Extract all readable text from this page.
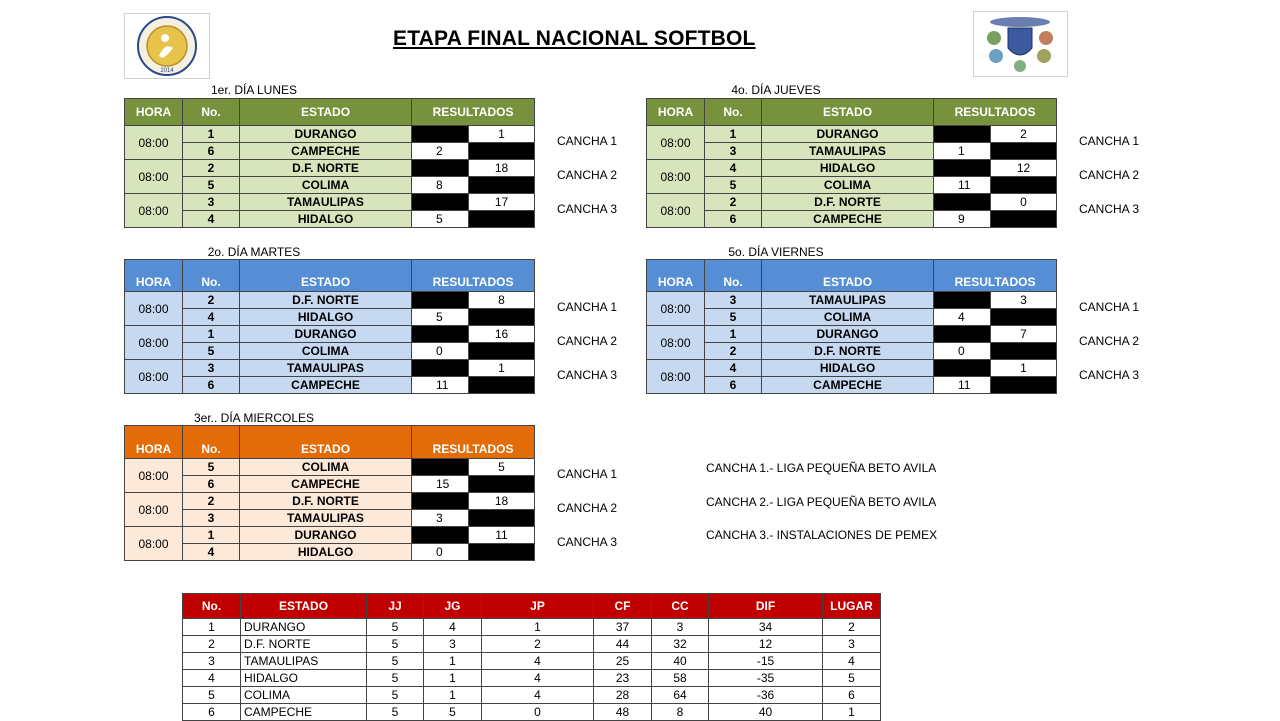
ETAPA FINAL NACIONAL SOFTBOL
2014
1er. DÍA LUNES
HORA	No.	ESTADO	RESULTADOS	
08:00	1	DURANGO		1
	6	CAMPECHE	2	
08:00	2	D.F. NORTE		18
	5	COLIMA	8	
08:00	3	TAMAULIPAS		17
	4	HIDALGO	5	
CANCHA 1
CANCHA 2
CANCHA 3
2o. DÍA MARTES
HORA	No.	ESTADO	RESULTADOS	
08:00	2	D.F. NORTE		8
	4	HIDALGO	5	
08:00	1	DURANGO		16
	5	COLIMA	0	
08:00	3	TAMAULIPAS		1
	6	CAMPECHE	11	
CANCHA 1
CANCHA 2
CANCHA 3
3er.. DÍA MIERCOLES
HORA	No.	ESTADO	RESULTADOS	
08:00	5	COLIMA		5
	6	CAMPECHE	15	
08:00	2	D.F. NORTE		18
	3	TAMAULIPAS	3	
08:00	1	DURANGO		11
	4	HIDALGO	0	
CANCHA 1
CANCHA 2
CANCHA 3
4o. DÍA JUEVES
HORA	No.	ESTADO	RESULTADOS	
08:00	1	DURANGO		2
	3	TAMAULIPAS	1	
08:00	4	HIDALGO		12
	5	COLIMA	11	
08:00	2	D.F. NORTE		0
	6	CAMPECHE	9	
CANCHA 1
CANCHA 2
CANCHA 3
5o. DÍA VIERNES
HORA	No.	ESTADO	RESULTADOS	
08:00	3	TAMAULIPAS		3
	5	COLIMA	4	
08:00	1	DURANGO		7
	2	D.F. NORTE	0	
08:00	4	HIDALGO		1
	6	CAMPECHE	11	
CANCHA 1
CANCHA 2
CANCHA 3
CANCHA 1.- LIGA PEQUEÑA BETO AVILA
CANCHA 2.- LIGA PEQUEÑA BETO AVILA
CANCHA 3.- INSTALACIONES DE PEMEX
No.	ESTADO	JJ	JG	JP	CF	CC	DIF	LUGAR
1	DURANGO	5	4	1	37	3	34	2
2	D.F. NORTE	5	3	2	44	32	12	3
3	TAMAULIPAS	5	1	4	25	40	-15	4
4	HIDALGO	5	1	4	23	58	-35	5
5	COLIMA	5	1	4	28	64	-36	6
6	CAMPECHE	5	5	0	48	8	40	1
